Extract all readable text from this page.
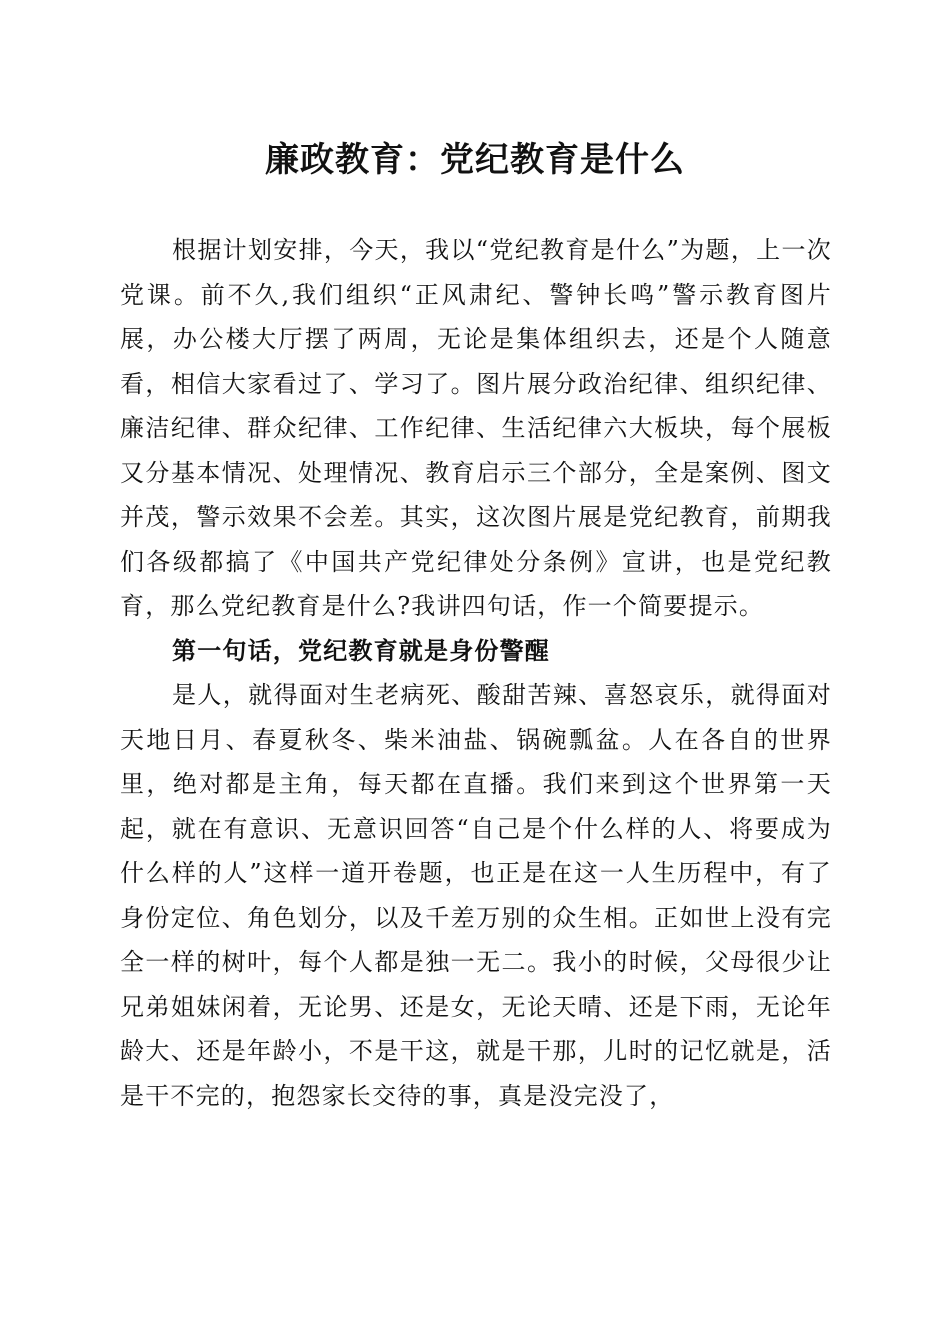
廉政教育：党纪教育是什么

根据计划安排，今天，我以“党纪教育是什么”为题，上一次党课。前不久,我们组织“正风肃纪、警钟长鸣”警示教育图片展，办公楼大厅摆了两周，无论是集体组织去，还是个人随意看，相信大家看过了、学习了。图片展分政治纪律、组织纪律、廉洁纪律、群众纪律、工作纪律、生活纪律六大板块，每个展板又分基本情况、处理情况、教育启示三个部分，全是案例、图文并茂，警示效果不会差。其实，这次图片展是党纪教育，前期我们各级都搞了《中国共产党纪律处分条例》宣讲，也是党纪教育，那么党纪教育是什么?我讲四句话，作一个简要提示。

第一句话，党纪教育就是身份警醒

是人，就得面对生老病死、酸甜苦辣、喜怒哀乐，就得面对天地日月、春夏秋冬、柴米油盐、锅碗瓢盆。人在各自的世界里，绝对都是主角，每天都在直播。我们来到这个世界第一天起，就在有意识、无意识回答“自己是个什么样的人、将要成为什么样的人”这样一道开卷题，也正是在这一人生历程中，有了身份定位、角色划分，以及千差万别的众生相。正如世上没有完全一样的树叶，每个人都是独一无二。我小的时候，父母很少让兄弟姐妹闲着，无论男、还是女，无论天晴、还是下雨，无论年龄大、还是年龄小，不是干这，就是干那，儿时的记忆就是，活是干不完的，抱怨家长交待的事，真是没完没了，
